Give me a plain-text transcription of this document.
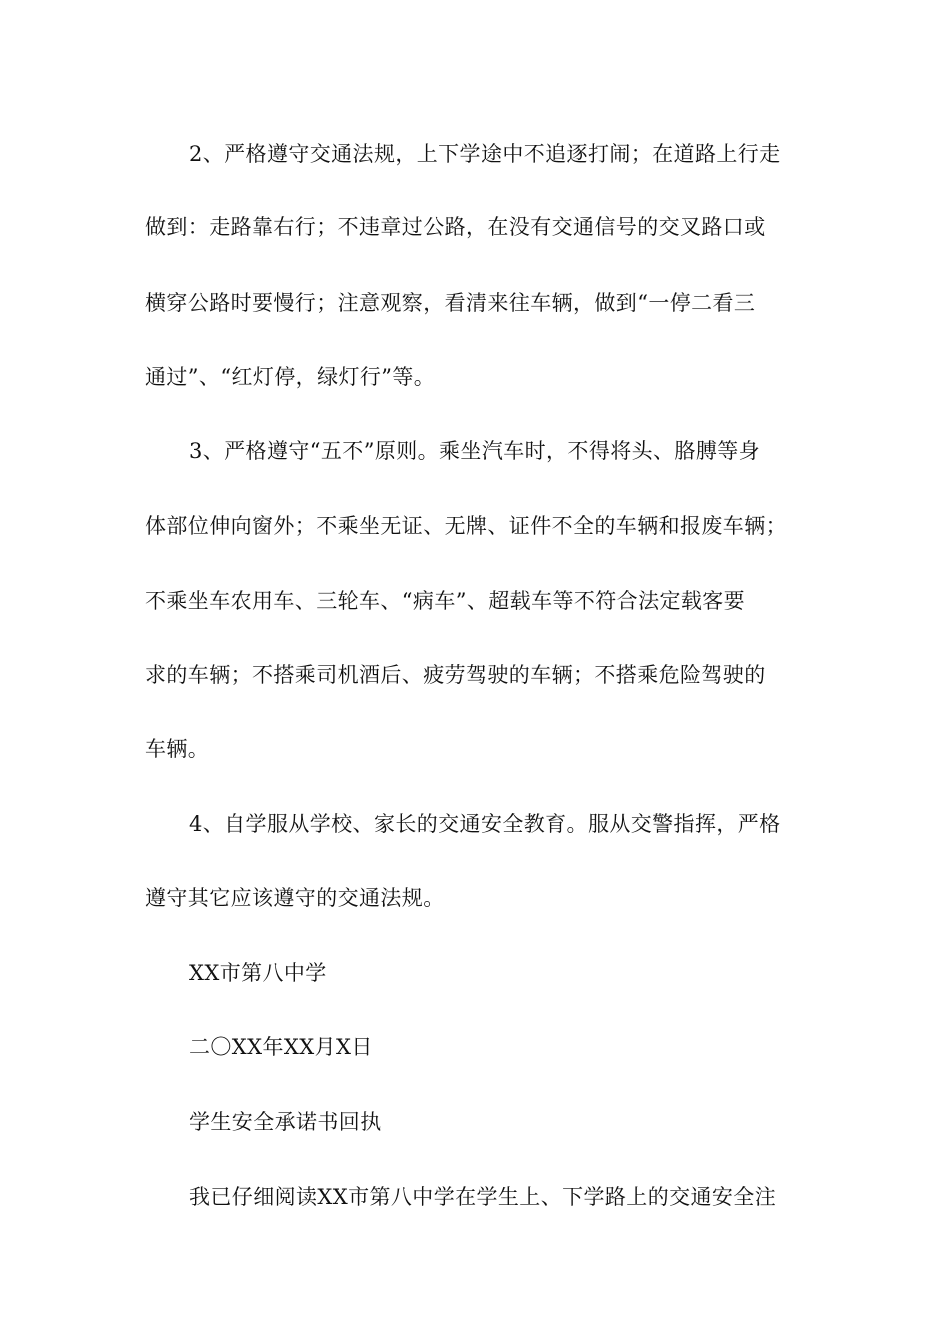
2、严格遵守交通法规，上下学途中不追逐打闹；在道路上行走
做到：走路靠右行；不违章过公路，在没有交通信号的交叉路口或
横穿公路时要慢行；注意观察，看清来往车辆，做到“一停二看三
通过”、“红灯停，绿灯行”等。
3、严格遵守“五不”原则。乘坐汽车时，不得将头、胳膊等身
体部位伸向窗外；不乘坐无证、无牌、证件不全的车辆和报废车辆；
不乘坐车农用车、三轮车、“病车”、超载车等不符合法定载客要
求的车辆；不搭乘司机酒后、疲劳驾驶的车辆；不搭乘危险驾驶的
车辆。
4、自学服从学校、家长的交通安全教育。服从交警指挥，严格
遵守其它应该遵守的交通法规。
XX市第八中学
二〇XX年XX月X日
学生安全承诺书回执
我已仔细阅读XX市第八中学在学生上、下学路上的交通安全注
